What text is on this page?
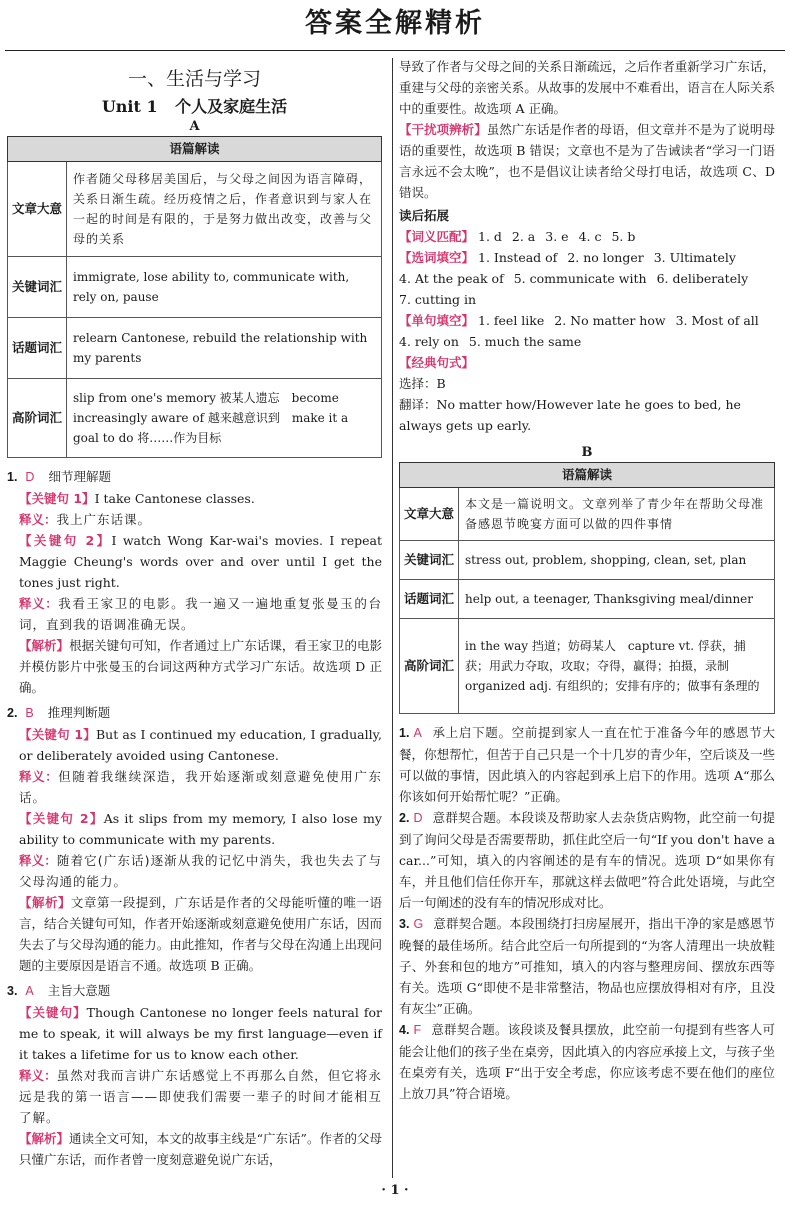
答案全解精析
一、生活与学习
Unit 1 个人及家庭生活
A
语篇解读	
文章大意	作者随父母移居美国后，与父母之间因为语言障碍，关系日渐生疏。经历疫情之后，作者意识到与家人在一起的时间是有限的，于是努力做出改变，改善与父母的关系
关键词汇	immigrate, lose ability to, communicate with, rely on, pause
话题词汇	relearn Cantonese, rebuild the relationship with my parents
高阶词汇	slip from one's memory 被某人遗忘　become increasingly aware of 越来越意识到　make it a goal to do 将……作为目标
1. D 细节理解题
【关键句 1】I take Cantonese classes.
释义：我上广东话课。
【关键句 2】I watch Wong Kar-wai's movies. I repeat Maggie Cheung's words over and over until I get the tones just right.
释义：我看王家卫的电影。我一遍又一遍地重复张曼玉的台词，直到我的语调准确无误。
【解析】根据关键句可知，作者通过上广东话课，看王家卫的电影并模仿影片中张曼玉的台词这两种方式学习广东话。故选项 D 正确。
2. B 推理判断题
【关键句 1】But as I continued my education, I gradually, or deliberately avoided using Cantonese.
释义：但随着我继续深造，我开始逐渐或刻意避免使用广东话。
【关键句 2】As it slips from my memory, I also lose my ability to communicate with my parents.
释义：随着它(广东话)逐渐从我的记忆中消失，我也失去了与父母沟通的能力。
【解析】文章第一段提到，广东话是作者的父母能听懂的唯一语言，结合关键句可知，作者开始逐渐或刻意避免使用广东话，因而失去了与父母沟通的能力。由此推知，作者与父母在沟通上出现问题的主要原因是语言不通。故选项 B 正确。
3. A 主旨大意题
【关键句】Though Cantonese no longer feels natural for me to speak, it will always be my first language—even if it takes a lifetime for us to know each other.
释义：虽然对我而言讲广东话感觉上不再那么自然，但它将永远是我的第一语言——即使我们需要一辈子的时间才能相互了解。
【解析】通读全文可知，本文的故事主线是“广东话”。作者的父母只懂广东话，而作者曾一度刻意避免说广东话，
导致了作者与父母之间的关系日渐疏远，之后作者重新学习广东话，重建与父母的亲密关系。从故事的发展中不难看出，语言在人际关系中的重要性。故选项 A 正确。
【干扰项辨析】虽然广东话是作者的母语，但文章并不是为了说明母语的重要性，故选项 B 错误；文章也不是为了告诫读者“学习一门语言永远不会太晚”，也不是倡议让读者给父母打电话，故选项 C、D 错误。
读后拓展
【词义匹配】 1. d 2. a 3. e 4. c 5. b
【选词填空】 1. Instead of 2. no longer 3. Ultimately
4. At the peak of 5. communicate with 6. deliberately
7. cutting in
【单句填空】 1. feel like 2. No matter how 3. Most of all
4. rely on 5. much the same
【经典句式】
选择：B
翻译：No matter how/However late he goes to bed, he always gets up early.
B
语篇解读	
文章大意	本文是一篇说明文。文章列举了青少年在帮助父母准备感恩节晚宴方面可以做的四件事情
关键词汇	stress out, problem, shopping, clean, set, plan
话题词汇	help out, a teenager, Thanksgiving meal/dinner
高阶词汇	in the way 挡道；妨碍某人　capture vt. 俘获，捕获；用武力夺取，攻取；夺得，赢得；拍摄，录制　organized adj. 有组织的；安排有序的；做事有条理的
1. A 承上启下题。空前提到家人一直在忙于准备今年的感恩节大餐，你想帮忙，但苦于自己只是一个十几岁的青少年，空后谈及一些可以做的事情，因此填入的内容起到承上启下的作用。选项 A“那么你该如何开始帮忙呢？”正确。
2. D 意群契合题。本段谈及帮助家人去杂货店购物，此空前一句提到了询问父母是否需要帮助，抓住此空后一句“If you don't have a car...”可知，填入的内容阐述的是有车的情况。选项 D“如果你有车，并且他们信任你开车，那就这样去做吧”符合此处语境，与此空后一句阐述的没有车的情况形成对比。
3. G 意群契合题。本段围绕打扫房屋展开，指出干净的家是感恩节晚餐的最佳场所。结合此空后一句所提到的“为客人清理出一块放鞋子、外套和包的地方”可推知，填入的内容与整理房间、摆放东西等有关。选项 G“即使不是非常整洁，物品也应摆放得相对有序，且没有灰尘”正确。
4. F 意群契合题。该段谈及餐具摆放，此空前一句提到有些客人可能会让他们的孩子坐在桌旁，因此填入的内容应承接上文，与孩子坐在桌旁有关，选项 F“出于安全考虑，你应该考虑不要在他们的座位上放刀具”符合语境。
· 1 ·
